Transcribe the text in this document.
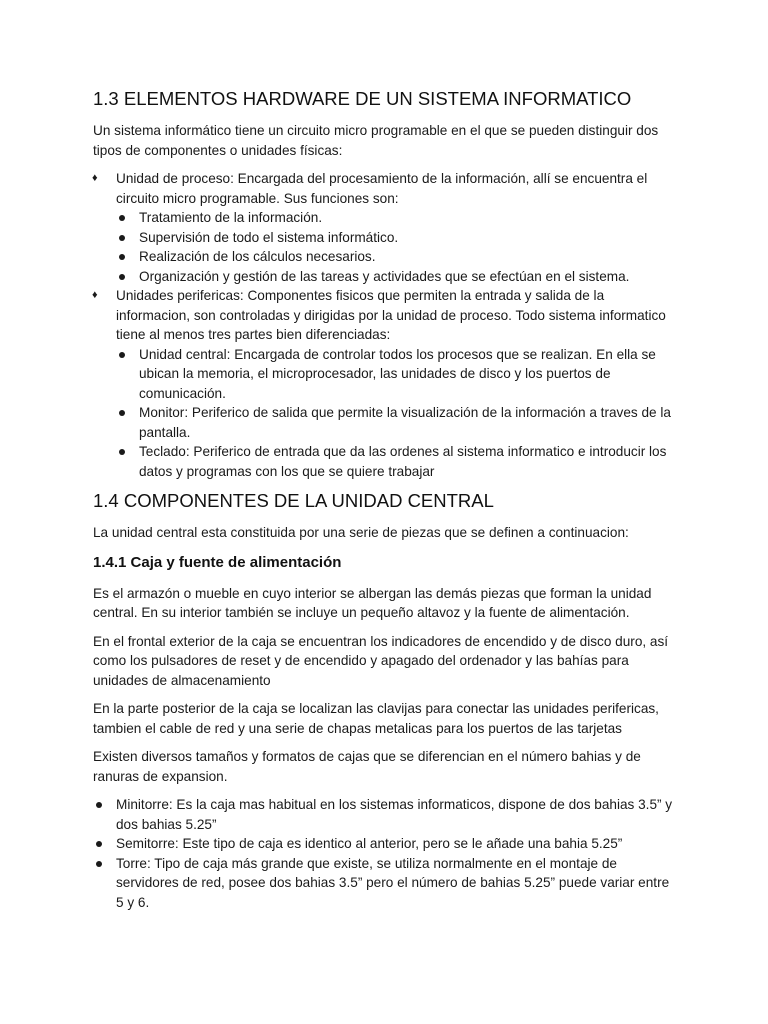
1.3 ELEMENTOS HARDWARE DE UN SISTEMA INFORMATICO

Un sistema informático tiene un circuito micro programable en el que se pueden distinguir dos tipos de componentes o unidades físicas:

♦ Unidad de proceso: Encargada del procesamiento de la información, allí se encuentra el circuito micro programable. Sus funciones son:
Tratamiento de la información.
Supervisión de todo el sistema informático.
Realización de los cálculos necesarios.
Organización y gestión de las tareas y actividades que se efectúan en el sistema.
♦ Unidades perifericas: Componentes fisicos que permiten la entrada y salida de la informacion, son controladas y dirigidas por la unidad de proceso. Todo sistema informatico tiene al menos tres partes bien diferenciadas:
Unidad central: Encargada de controlar todos los procesos que se realizan. En ella se ubican la memoria, el microprocesador, las unidades de disco y los puertos de comunicación.
Monitor: Periferico de salida que permite la visualización de la información a traves de la pantalla.
Teclado: Periferico de entrada que da las ordenes al sistema informatico e introducir los datos y programas con los que se quiere trabajar
1.4 COMPONENTES DE LA UNIDAD CENTRAL

La unidad central esta constituida por una serie de piezas que se definen a continuacion:

1.4.1 Caja y fuente de alimentación

Es el armazón o mueble en cuyo interior se albergan las demás piezas que forman la unidad central. En su interior también se incluye un pequeño altavoz y la fuente de alimentación.

En el frontal exterior de la caja se encuentran los indicadores de encendido y de disco duro, así como los pulsadores de reset y de encendido y apagado del ordenador y las bahías para unidades de almacenamiento

En la parte posterior de la caja se localizan las clavijas para conectar las unidades perifericas, tambien el cable de red y una serie de chapas metalicas para los puertos de las tarjetas

Existen diversos tamaños y formatos de cajas que se diferencian en el número bahias y de ranuras de expansion.

Minitorre: Es la caja mas habitual en los sistemas informaticos, dispone de dos bahias 3.5” y dos bahias 5.25”
Semitorre: Este tipo de caja es identico al anterior, pero se le añade una bahia 5.25”
Torre: Tipo de caja más grande que existe, se utiliza normalmente en el montaje de servidores de red, posee dos bahias 3.5” pero el número de bahias 5.25” puede variar entre 5 y 6.
